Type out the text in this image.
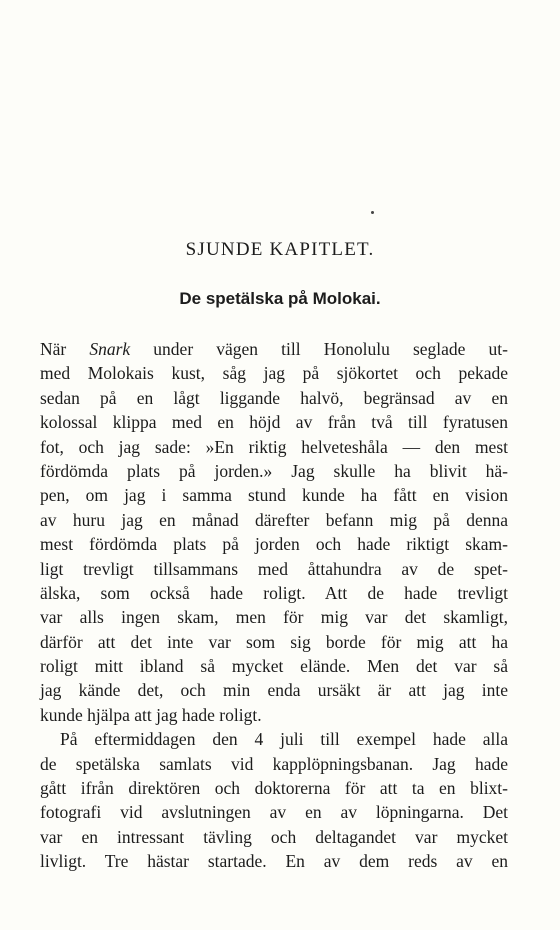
SJUNDE KAPITLET.
De spetälska på Molokai.
När Snark under vägen till Honolulu seglade ut-
med Molokais kust, såg jag på sjökortet och pekade
sedan på en lågt liggande halvö, begränsad av en
kolossal klippa med en höjd av från två till fyratusen
fot, och jag sade: »En riktig helveteshåla — den mest
fördömda plats på jorden.» Jag skulle ha blivit hä-
pen, om jag i samma stund kunde ha fått en vision
av huru jag en månad därefter befann mig på denna
mest fördömda plats på jorden och hade riktigt skam-
ligt trevligt tillsammans med åttahundra av de spet-
älska, som också hade roligt. Att de hade trevligt
var alls ingen skam, men för mig var det skamligt,
därför att det inte var som sig borde för mig att ha
roligt mitt ibland så mycket elände. Men det var så
jag kände det, och min enda ursäkt är att jag inte
kunde hjälpa att jag hade roligt.
På eftermiddagen den 4 juli till exempel hade alla
de spetälska samlats vid kapplöpningsbanan. Jag hade
gått ifrån direktören och doktorerna för att ta en blixt-
fotografi vid avslutningen av en av löpningarna. Det
var en intressant tävling och deltagandet var mycket
livligt. Tre hästar startade. En av dem reds av en
